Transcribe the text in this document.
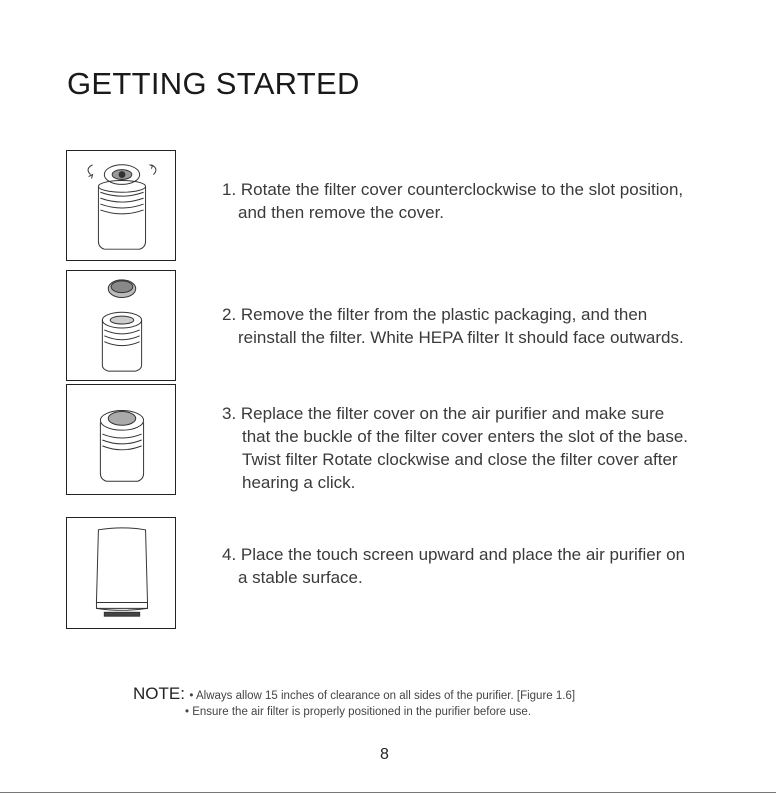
GETTING STARTED
1. Rotate the filter cover counterclockwise to the slot position,
and then remove the cover.
2. Remove the filter from the plastic packaging, and then
reinstall the filter. White HEPA filter It should face outwards.
3. Replace the filter cover on the air purifier and make sure
that the buckle of the filter cover enters the slot of the base.
Twist filter Rotate clockwise and close the filter cover after
hearing a click.
4. Place the touch screen upward and place the air purifier on
a stable surface.
NOTE: • Always allow 15 inches of clearance on all sides of the purifier. [Figure 1.6]
• Ensure the air filter is properly positioned in the purifier before use.
8
